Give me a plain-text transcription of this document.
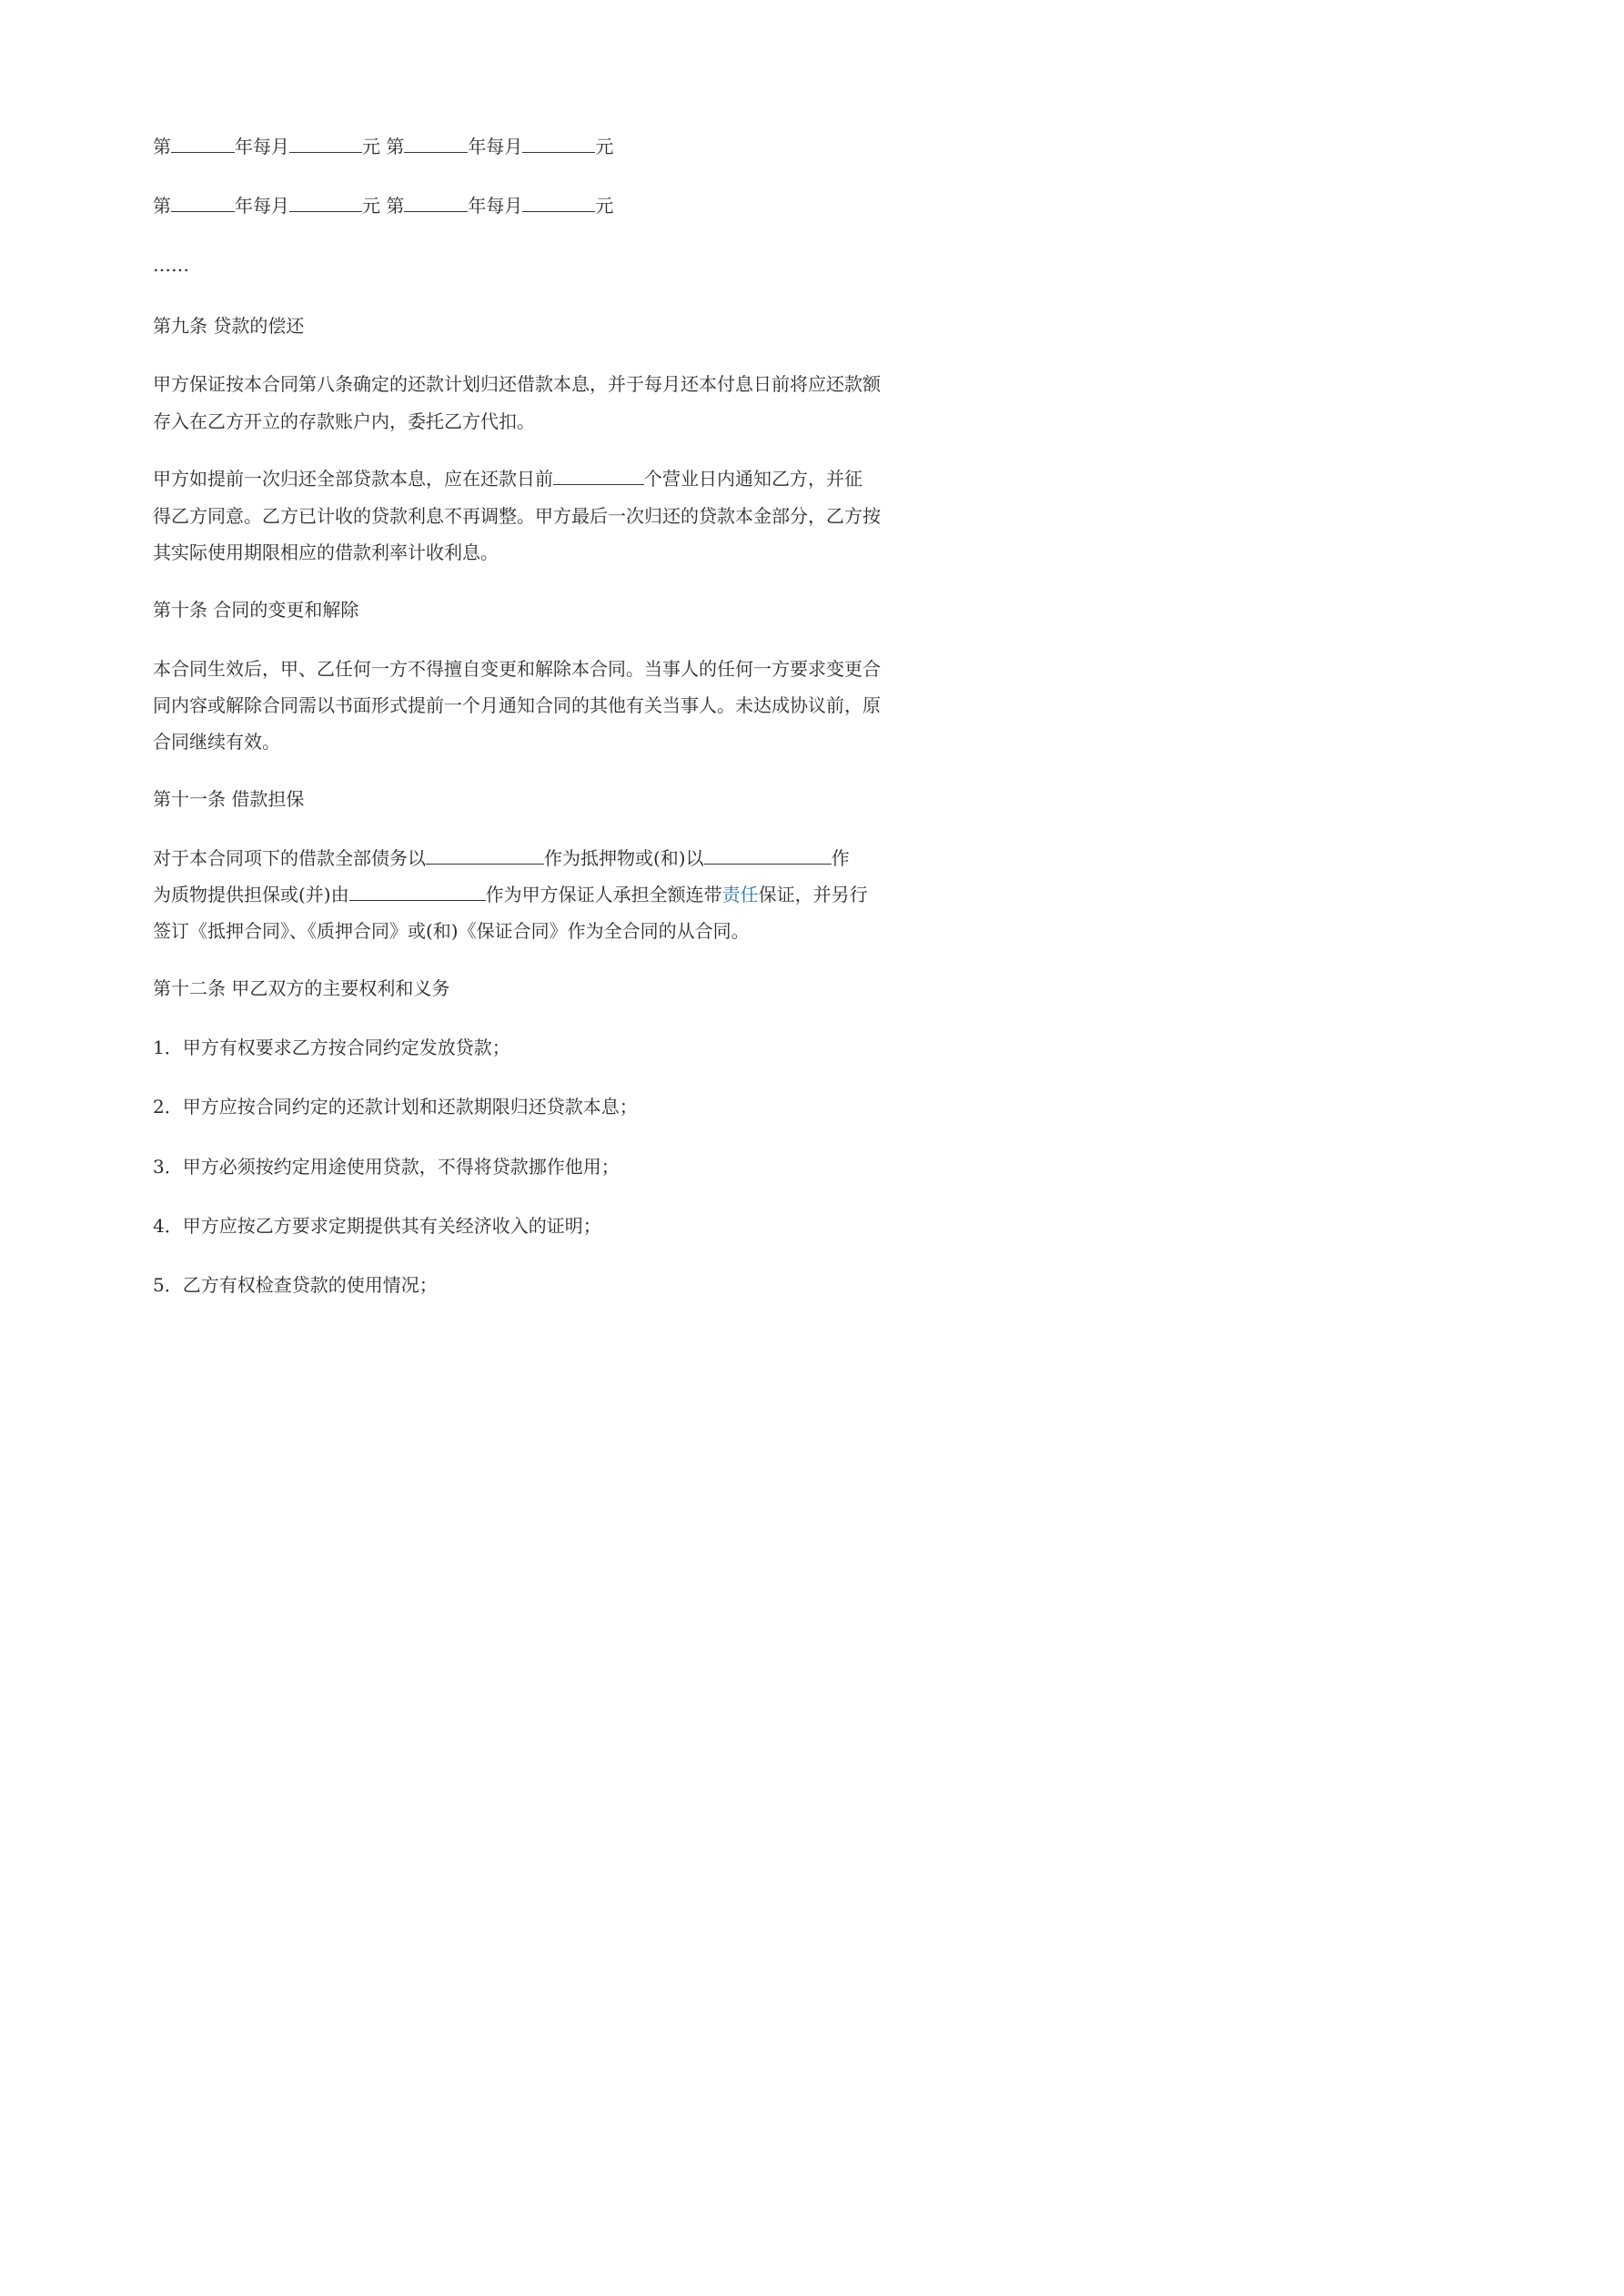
第	年每月	元 第	年每月	元
第	年每月	元 第	年每月	元
……
第九条 贷款的偿还
甲方保证按本合同第八条确定的还款计划归还借款本息，并于每月还本付息日前将应还款额
存入在乙方开立的存款账户内，委托乙方代扣。
甲方如提前一次归还全部贷款本息，应在还款日前	个营业日内通知乙方，并征
得乙方同意。乙方已计收的贷款利息不再调整。甲方最后一次归还的贷款本金部分，乙方按
其实际使用期限相应的借款利率计收利息。
第十条 合同的变更和解除
本合同生效后，甲、乙任何一方不得擅自变更和解除本合同。当事人的任何一方要求变更合
同内容或解除合同需以书面形式提前一个月通知合同的其他有关当事人。未达成协议前，原
合同继续有效。
第十一条 借款担保
对于本合同项下的借款全部债务以	作为抵押物或(和)以	作
为质物提供担保或(并)由	作为甲方保证人承担全额连带责任保证，并另行
签订《抵押合同》、《质押合同》或(和)《保证合同》作为全合同的从合同。
第十二条 甲乙双方的主要权利和义务
1．甲方有权要求乙方按合同约定发放贷款；
2．甲方应按合同约定的还款计划和还款期限归还贷款本息；
3．甲方必须按约定用途使用贷款，不得将贷款挪作他用；
4．甲方应按乙方要求定期提供其有关经济收入的证明；
5．乙方有权检查贷款的使用情况；
